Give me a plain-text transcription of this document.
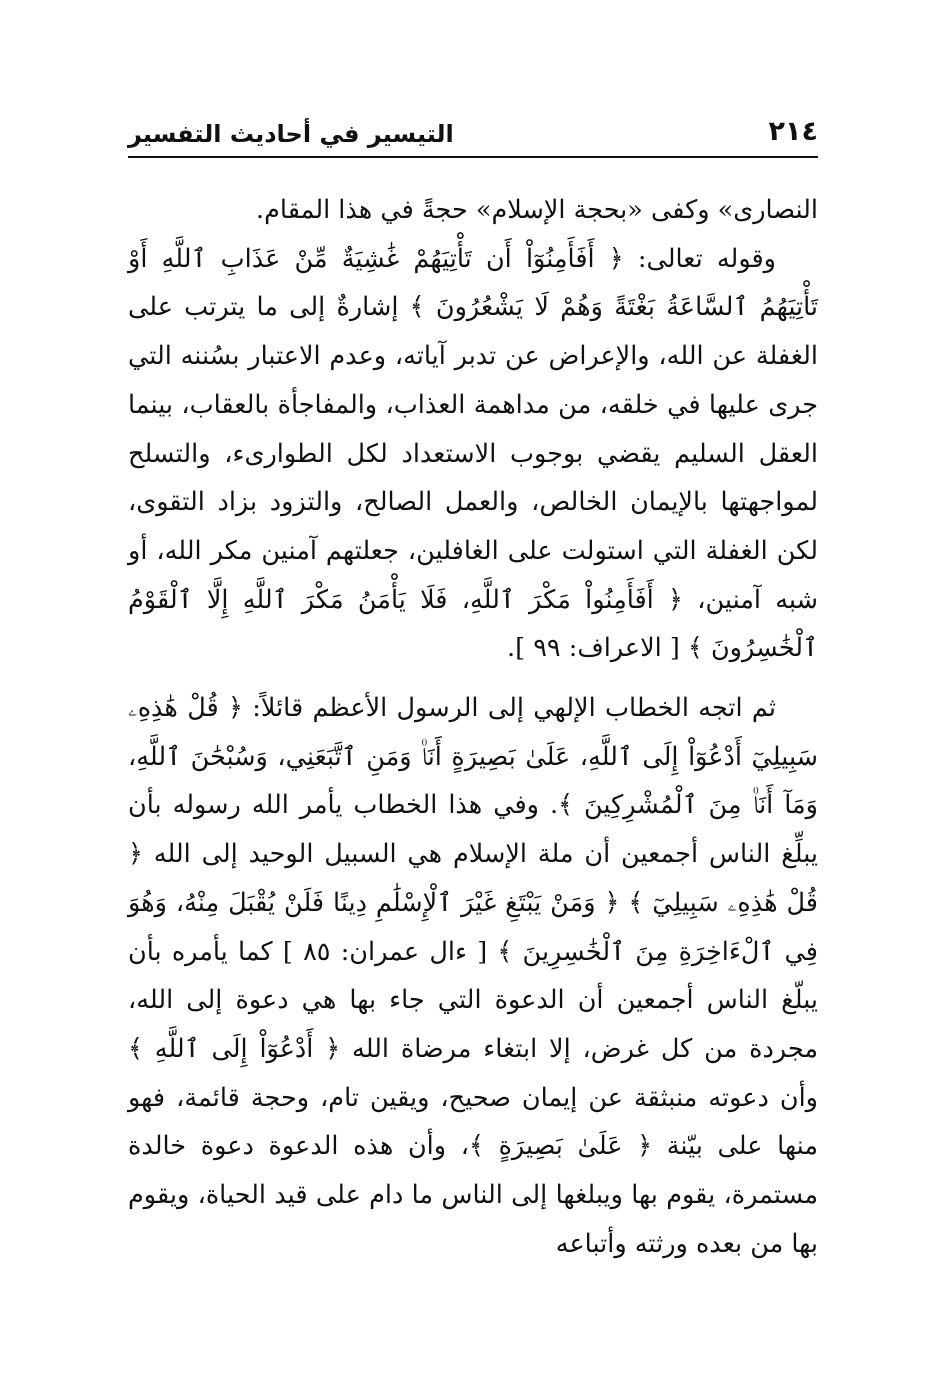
٢١٤
التيسير في أحاديث التفسير

النصارى» وكفى «بحجة الإسلام» حجةً في هذا المقام.

وقوله تعالى: ﴿ أَفَأَمِنُوٓاْ أَن تَأْتِيَهُمْ غَٰشِيَةٌ مِّنْ عَذَابِ ٱللَّهِ أَوْ تَأْتِيَهُمُ ٱلسَّاعَةُ بَغْتَةً وَهُمْ لَا يَشْعُرُونَ ﴾ إشارةٌ إلى ما يترتب على الغفلة عن الله، والإعراض عن تدبر آياته، وعدم الاعتبار بسُننه التي جرى عليها في خلقه، من مداهمة العذاب، والمفاجأة بالعقاب، بينما العقل السليم يقضي بوجوب الاستعداد لكل الطوارىء، والتسلح لمواجهتها بالإيمان الخالص، والعمل الصالح، والتزود بزاد التقوى، لكن الغفلة التي استولت على الغافلين، جعلتهم آمنين مكر الله، أو شبه آمنين، ﴿ أَفَأَمِنُواْ مَكْرَ ٱللَّهِ، فَلَا يَأْمَنُ مَكْرَ ٱللَّهِ إِلَّا ٱلْقَوْمُ ٱلْخَٰسِرُونَ ﴾ [ الاعراف: ٩٩ ].

ثم اتجه الخطاب الإلهي إلى الرسول الأعظم قائلاً: ﴿ قُلْ هَٰذِهِۦ سَبِيلِيٓ أَدْعُوٓاْ إِلَى ٱللَّهِ، عَلَىٰ بَصِيرَةٍ أَنَا۠ وَمَنِ ٱتَّبَعَنِي، وَسُبْحَٰنَ ٱللَّهِ، وَمَآ أَنَا۠ مِنَ ٱلْمُشْرِكِينَ ﴾. وفي هذا الخطاب يأمر الله رسوله بأن يبلِّغ الناس أجمعين أن ملة الإسلام هي السبيل الوحيد إلى الله ﴿ قُلْ هَٰذِهِۦ سَبِيلِيٓ ﴾ ﴿ وَمَنْ يَبْتَغِ غَيْرَ ٱلْإِسْلَٰمِ دِينًا فَلَنْ يُقْبَلَ مِنْهُ، وَهُوَ فِي ٱلْءَاخِرَةِ مِنَ ٱلْخَٰسِرِينَ ﴾ [ ءال عمران: ٨٥ ] كما يأمره بأن يبلّغ الناس أجمعين أن الدعوة التي جاء بها هي دعوة إلى الله، مجردة من كل غرض، إلا ابتغاء مرضاة الله ﴿ أَدْعُوٓاْ إِلَى ٱللَّهِ ﴾ وأن دعوته منبثقة عن إيمان صحيح، ويقين تام، وحجة قائمة، فهو منها على بيّنة ﴿ عَلَىٰ بَصِيرَةٍ ﴾، وأن هذه الدعوة دعوة خالدة مستمرة، يقوم بها ويبلغها إلى الناس ما دام على قيد الحياة، ويقوم بها من بعده ورثته وأتباعه
